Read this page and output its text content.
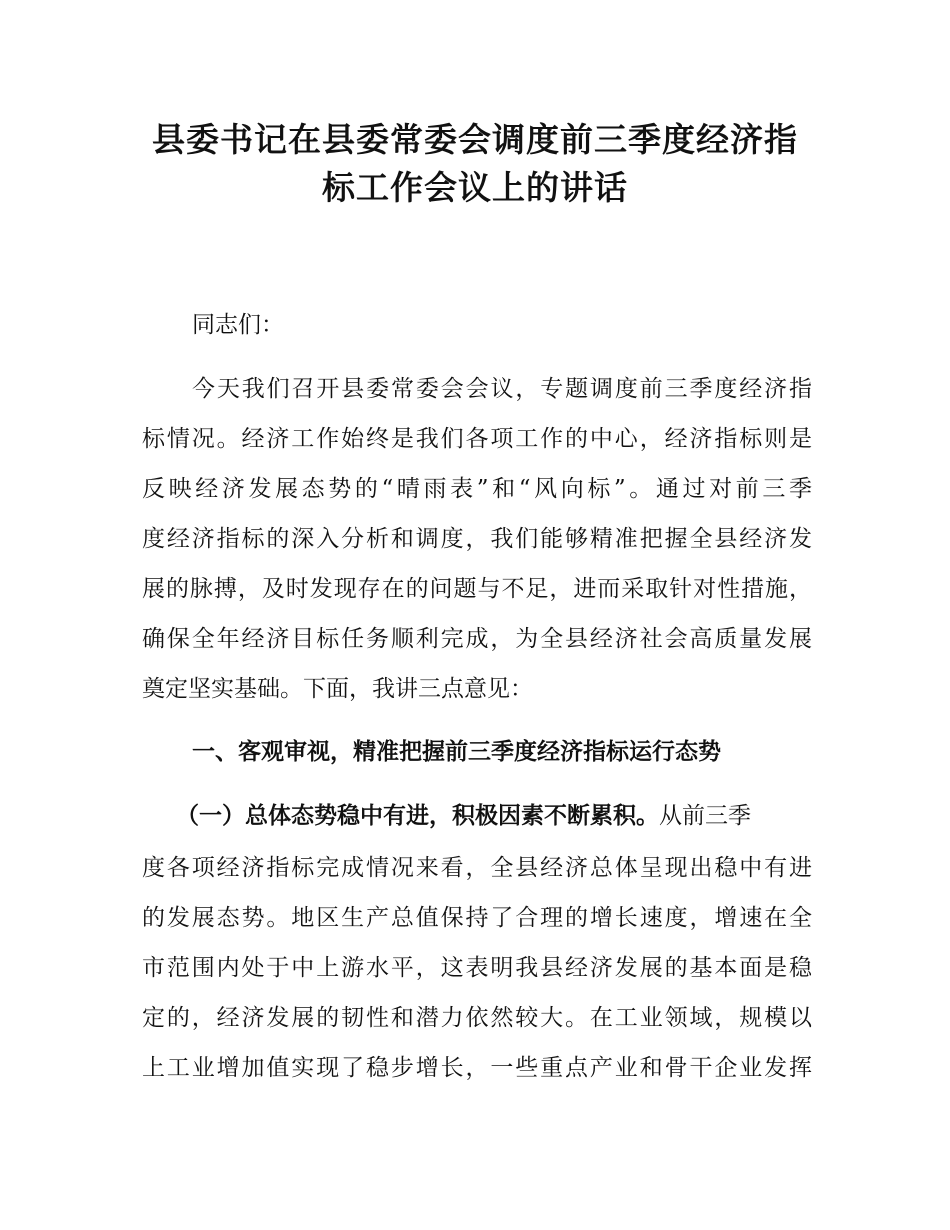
县委书记在县委常委会调度前三季度经济指
标工作会议上的讲话

同志们：

今天我们召开县委常委会会议，专题调度前三季度经济指

标情况。经济工作始终是我们各项工作的中心，经济指标则是

反映经济发展态势的“晴雨表”和“风向标”。通过对前三季

度经济指标的深入分析和调度，我们能够精准把握全县经济发

展的脉搏，及时发现存在的问题与不足，进而采取针对性措施，

确保全年经济目标任务顺利完成，为全县经济社会高质量发展

奠定坚实基础。下面，我讲三点意见：

一、客观审视，精准把握前三季度经济指标运行态势

（一）总体态势稳中有进，积极因素不断累积。从前三季

度各项经济指标完成情况来看，全县经济总体呈现出稳中有进

的发展态势。地区生产总值保持了合理的增长速度，增速在全

市范围内处于中上游水平，这表明我县经济发展的基本面是稳

定的，经济发展的韧性和潜力依然较大。在工业领域，规模以

上工业增加值实现了稳步增长，一些重点产业和骨干企业发挥
